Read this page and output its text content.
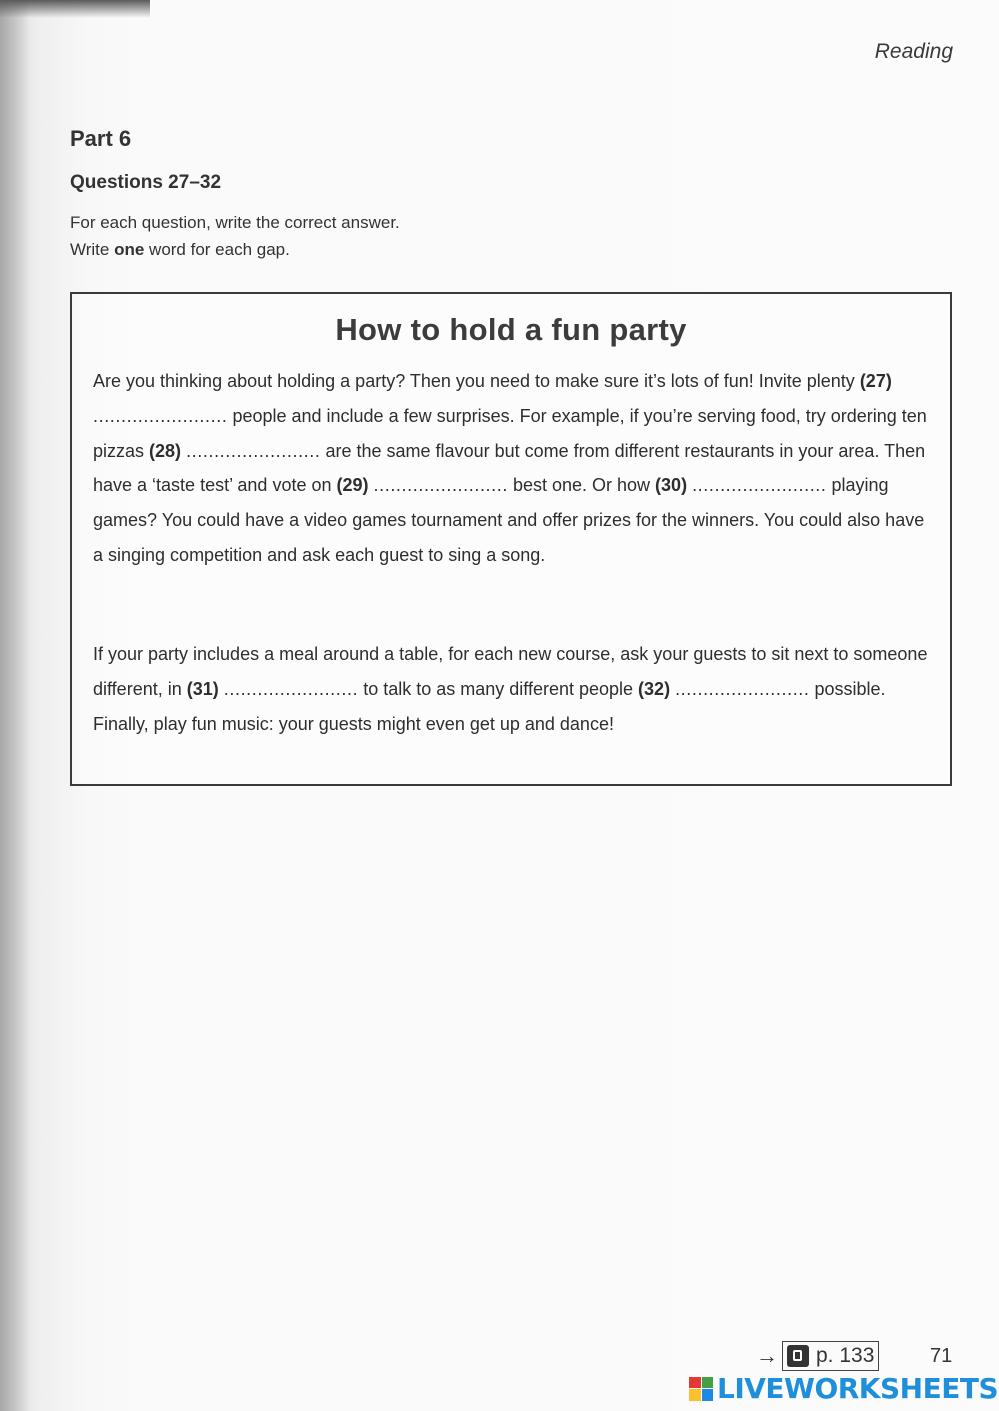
Reading
Part 6
Questions 27–32
For each question, write the correct answer.
Write one word for each gap.
How to hold a fun party
Are you thinking about holding a party? Then you need to make sure it’s lots of fun! Invite plenty (27) ........................ people and include a few surprises. For example, if you’re serving food, try ordering ten pizzas (28) ........................ are the same flavour but come from different restaurants in your area. Then have a ‘taste test’ and vote on (29) ........................ best one. Or how (30) ........................ playing games? You could have a video games tournament and offer prizes for the winners. You could also have a singing competition and ask each guest to sing a song.
If your party includes a meal around a table, for each new course, ask your guests to sit next to someone different, in (31) ........................ to talk to as many different people (32) ........................ possible. Finally, play fun music: your guests might even get up and dance!
→ p. 133	71
LIVEWORKSHEETS
